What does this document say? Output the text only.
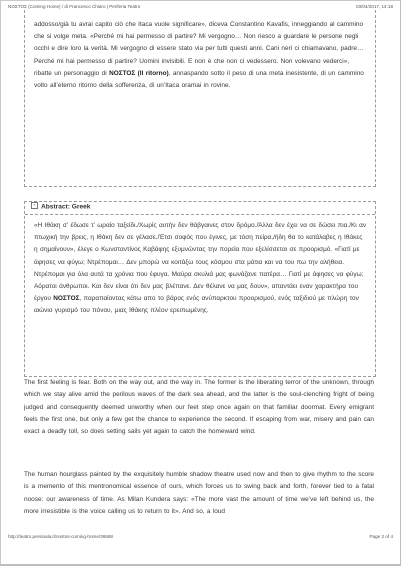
ΝΟΣΤΟΣ (Coming Home) / di Francesco Chiaro | Periferia Teatro	03/04/2017, 14:18
addosso/già tu avrai capito ciò che Itaca vuole significare», diceva Constantino Kavafis, inneggiando al cammino che si volge meta. «Perché mi hai permesso di partire? Mi vergogno… Non riesco a guardare le persone negli occhi e dire loro la verità. Mi vergogno di essere stato via per tutti questi anni. Cani neri ci chiamavano, padre… Perché mi hai permesso di partire? Uomini invisibili. E non è che non ci vedessero. Non volevano vederci», ribatte un personaggio di ΝΟΣΤΟΣ (Il ritorno), annaspando sotto il peso di una meta inesistente, di un cammino volto all’eterno ritorno della sofferenza, di un’Itaca oramai in rovine.
- Abstract: Greek
«Η Ιθάκη σ’ έδωσε τ’ ωραίο ταξείδι./Χωρίς αυτήν δεν θάβγαινες στον δρόμο./Άλλα δεν έχει να σε δώσει πια./Κι αν πτωχική την βρεις, η Ιθάκη δεν σε γέλασε./Έτσι σοφός που έγινες, με τόση πείρα,/ήδη θα το κατάλαβες η Ιθάκες η σημαίνουν», έλεγε ο Κωνσταντίνος Καβάφης εξυμνώντας την πορεία που εξελίσσεται σε προορισμό. «Γιατί με άφησες να φύγω; Ντρέπομαι… Δεν μπορώ να κοιτάξω τους κόσμου στα μάτια και να του πω την αλήθεια. Ντρέπομαι για όλα αυτά τα χρόνια που έφυγα. Μαύρα σκυλιά μας φωνάζανε πατέρα… Γιατί με άφησες να φύγω; Αόρατοι άνθρωποι. Και δεν είναι ότι δεν μας βλέπανε. Δεν θέλανε να μας δουν», απαντάει εναν χαρακτήρα του έργου ΝΟΣΤΟΣ, παραπαίοντας κάτω απο το βάρος ενός ανύπαρκτου προορισμού, ενός ταξιδιού με πλώρη τον αιώνιο γυρισμό του πόνου, μιας Ιθάκης πλέον ερειπωμένης.
The first feeling is fear. Both on the way out, and the way in. The former is the liberating terror of the unknown, through which we stay alive amid the perilous waves of the dark sea ahead, and the latter is the soul-clenching fright of being judged and consequently deemed unworthy when our feet step once again on that familiar doormat. Every emigrant feels the first one, but only a few get the chance to experience the second. If escaping from war, misery and pain can exact a deadly toll, so does setting sails yet again to catch the homeward wind.
The human hourglass painted by the exquisitely humble shadow theatre used now and then to give rhythm to the score is a memento of this mentronomical essence of ours, which forces us to swing back and forth, forever tied to a fatal noose: our awareness of time. As Milan Kundera says: «The more vast the amount of time we’ve left behind us, the more irresistible is the voice calling us to return to it». And so, a loud
http://teatro.persinala.it/nostos-coming-home/36568	Page 2 of 4
